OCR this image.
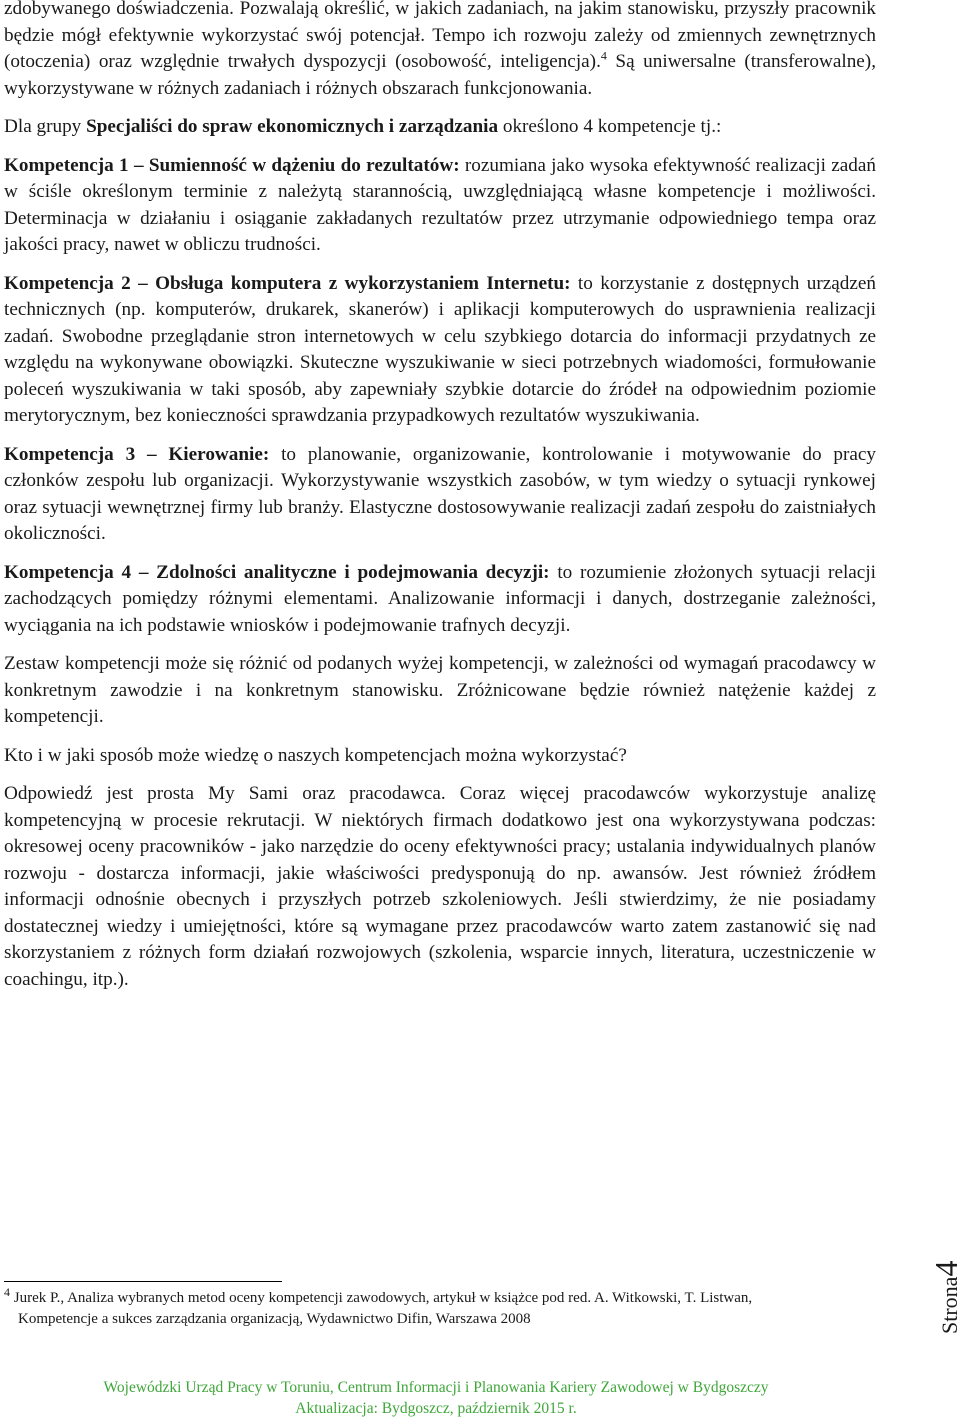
zdobywanego doświadczenia. Pozwalają określić, w jakich zadaniach, na jakim stanowisku, przyszły pracownik będzie mógł efektywnie wykorzystać swój potencjał. Tempo ich rozwoju zależy od zmiennych zewnętrznych (otoczenia) oraz względnie trwałych dyspozycji (osobowość, inteligencja).$^4$ Są uniwersalne (transferowalne), wykorzystywane w różnych zadaniach i różnych obszarach funkcjonowania.

Dla grupy Specjaliści do spraw ekonomicznych i zarządzania określono 4 kompetencje tj.:

Kompetencja 1 – Sumienność w dążeniu do rezultatów: rozumiana jako wysoka efektywność realizacji zadań w ściśle określonym terminie z należytą starannością, uwzględniającą własne kompetencje i możliwości. Determinacja w działaniu i osiąganie zakładanych rezultatów przez utrzymanie odpowiedniego tempa oraz jakości pracy, nawet w obliczu trudności.

Kompetencja 2 – Obsługa komputera z wykorzystaniem Internetu: to korzystanie z dostępnych urządzeń technicznych (np. komputerów, drukarek, skanerów) i aplikacji komputerowych do usprawnienia realizacji zadań. Swobodne przeglądanie stron internetowych w celu szybkiego dotarcia do informacji przydatnych ze względu na wykonywane obowiązki. Skuteczne wyszukiwanie w sieci potrzebnych wiadomości, formułowanie poleceń wyszukiwania w taki sposób, aby zapewniały szybkie dotarcie do źródeł na odpowiednim poziomie merytorycznym, bez konieczności sprawdzania przypadkowych rezultatów wyszukiwania.

Kompetencja 3 – Kierowanie: to planowanie, organizowanie, kontrolowanie i motywowanie do pracy członków zespołu lub organizacji. Wykorzystywanie wszystkich zasobów, w tym wiedzy o sytuacji rynkowej oraz sytuacji wewnętrznej firmy lub branży. Elastyczne dostosowywanie realizacji zadań zespołu do zaistniałych okoliczności.

Kompetencja 4 – Zdolności analityczne i podejmowania decyzji: to rozumienie złożonych sytuacji relacji zachodzących pomiędzy różnymi elementami. Analizowanie informacji i danych, dostrzeganie zależności, wyciągania na ich podstawie wniosków i podejmowanie trafnych decyzji.

Zestaw kompetencji może się różnić od podanych wyżej kompetencji, w zależności od wymagań pracodawcy w konkretnym zawodzie i na konkretnym stanowisku. Zróżnicowane będzie również natężenie każdej z kompetencji.

Kto i w jaki sposób może wiedzę o naszych kompetencjach można wykorzystać?

Odpowiedź jest prosta My Sami oraz pracodawca. Coraz więcej pracodawców wykorzystuje analizę kompetencyjną w procesie rekrutacji. W niektórych firmach dodatkowo jest ona wykorzystywana podczas: okresowej oceny pracowników - jako narzędzie do oceny efektywności pracy; ustalania indywidualnych planów rozwoju - dostarcza informacji, jakie właściwości predysponują do np. awansów. Jest również źródłem informacji odnośnie obecnych i przyszłych potrzeb szkoleniowych. Jeśli stwierdzimy, że nie posiadamy dostatecznej wiedzy i umiejętności, które są wymagane przez pracodawców warto zatem zastanowić się nad skorzystaniem z różnych form działań rozwojowych (szkolenia, wsparcie innych, literatura, uczestniczenie w coachingu, itp.).

$^4$ Jurek P., Analiza wybranych metod oceny kompetencji zawodowych, artykuł w książce pod red. A. Witkowski, T. Listwan,
Kompetencje a sukces zarządzania organizacją, Wydawnictwo Difin, Warszawa 2008
Wojewódzki Urząd Pracy w Toruniu, Centrum Informacji i Planowania Kariery Zawodowej w Bydgoszczy
Aktualizacja: Bydgoszcz, październik 2015 r.
Strona4
